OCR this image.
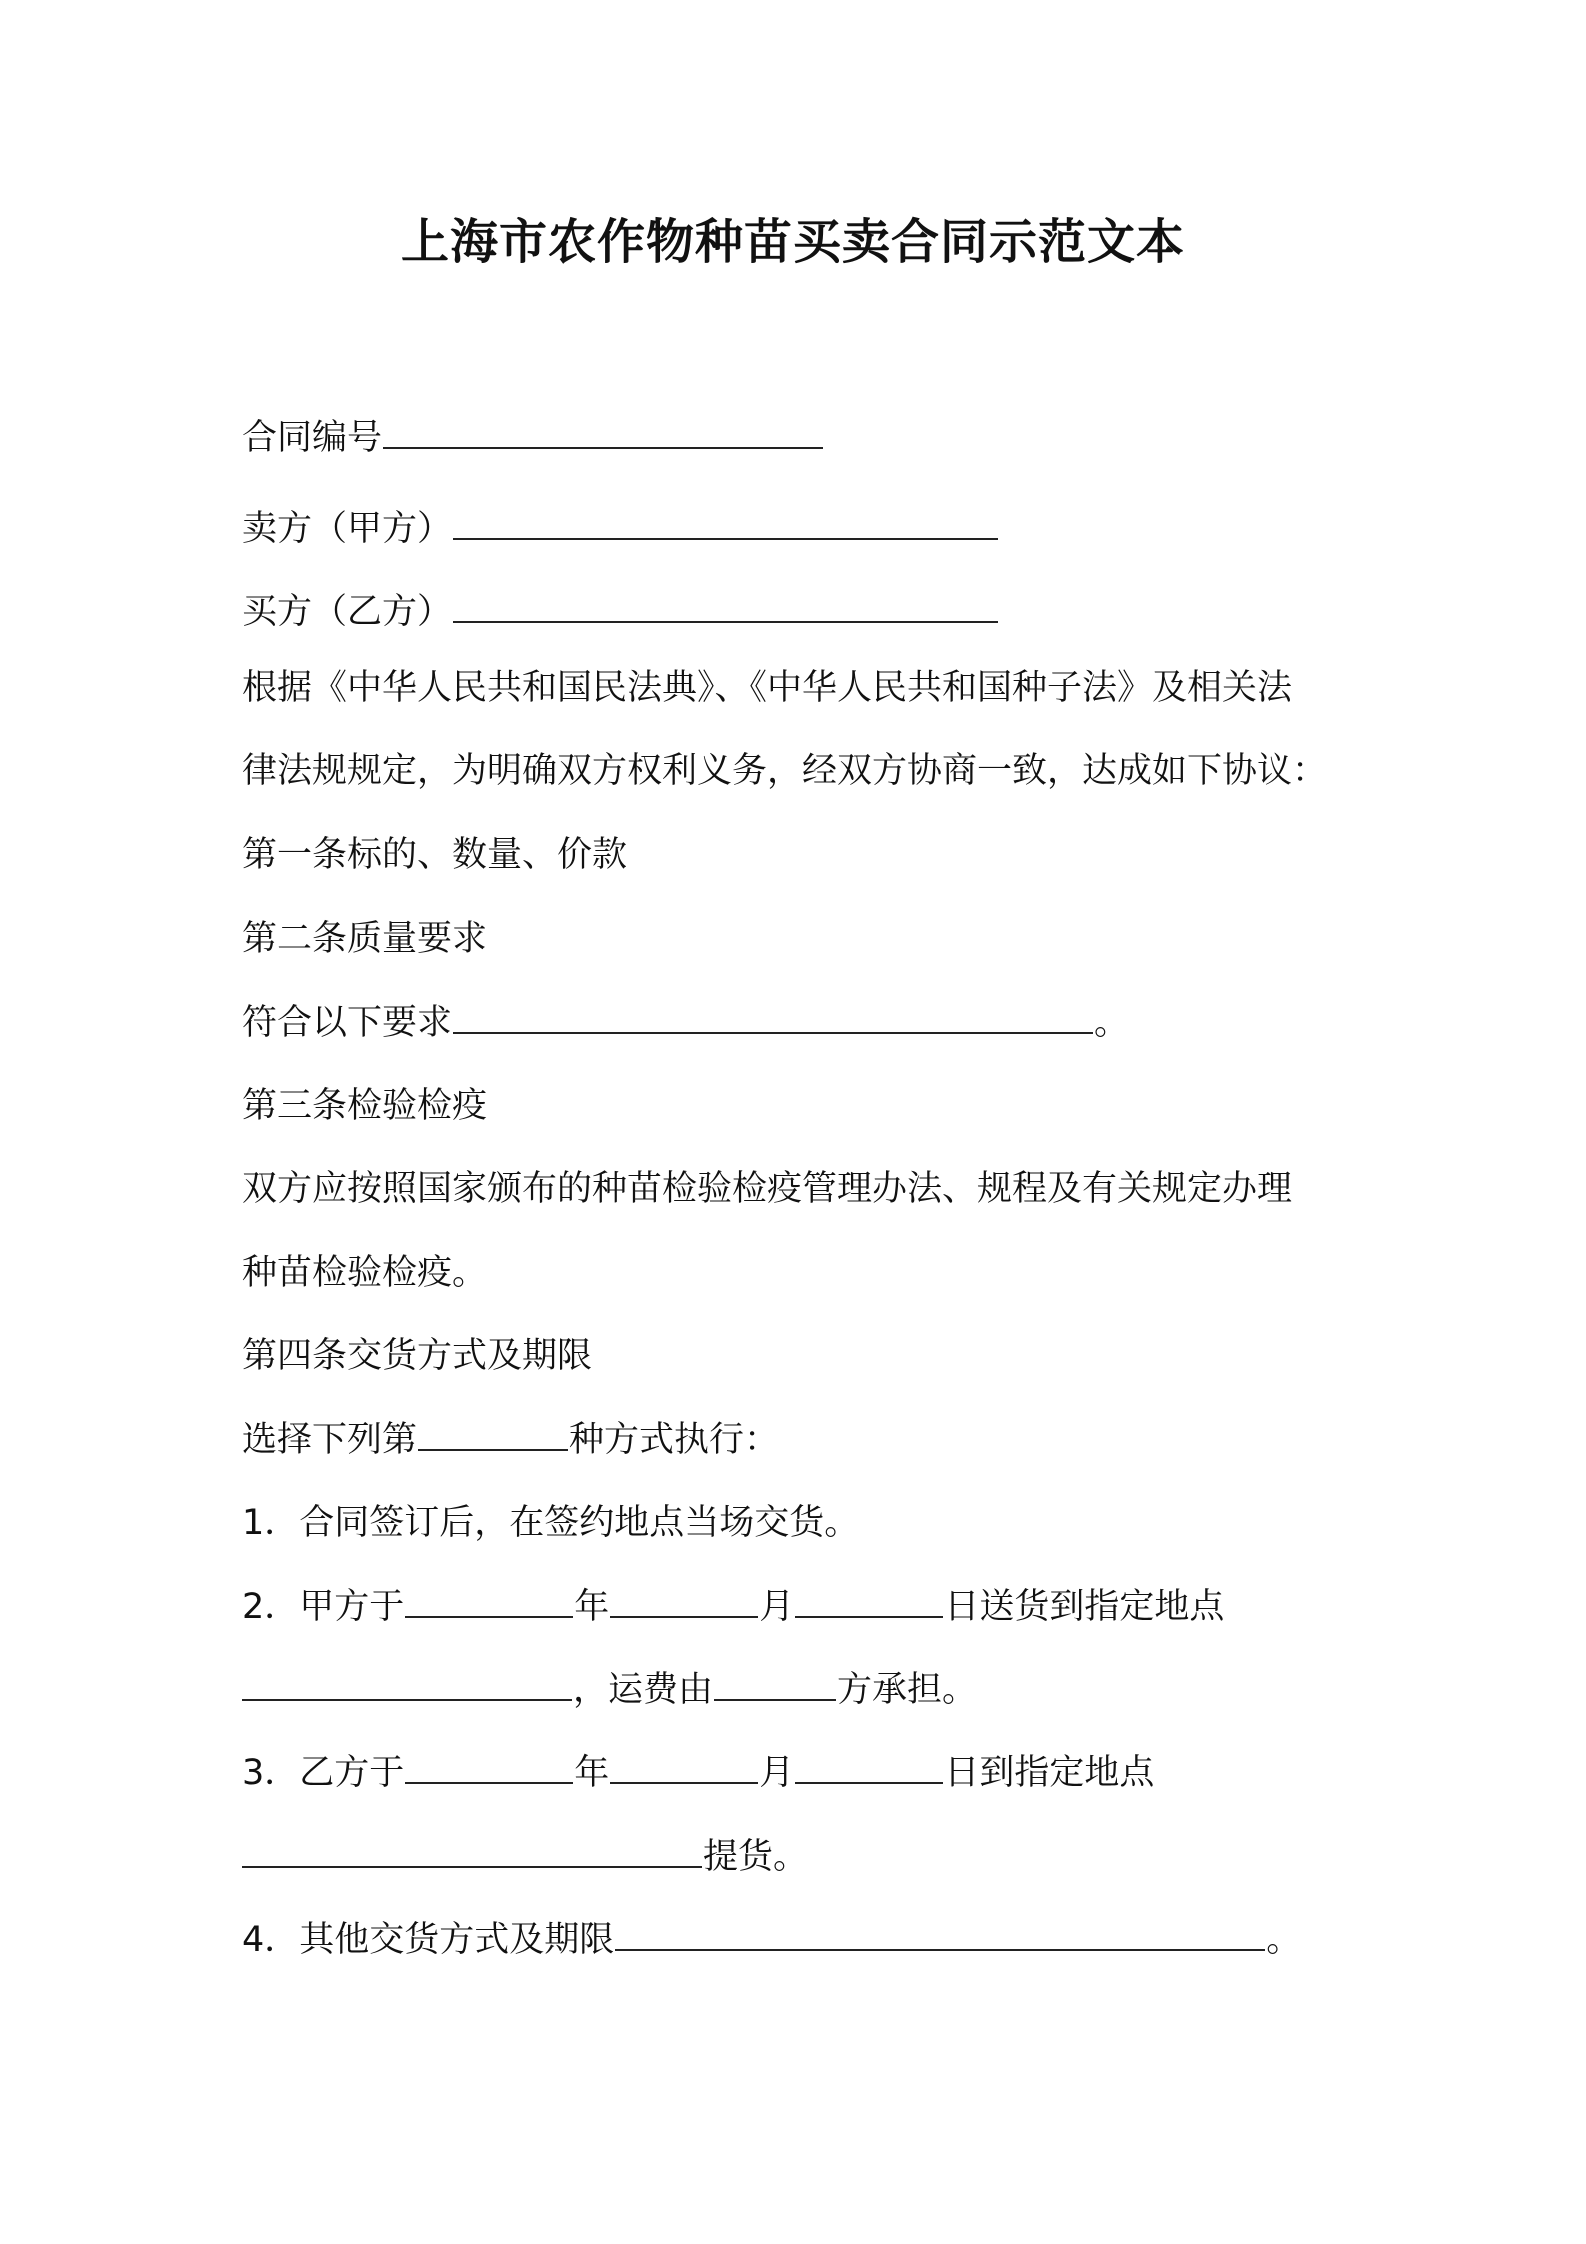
上海市农作物种苗买卖合同示范文本
合同编号
卖方（甲方）
买方（乙方）
根据《中华人民共和国民法典》、《中华人民共和国种子法》及相关法
律法规规定，为明确双方权利义务，经双方协商一致，达成如下协议：
第一条标的、数量、价款
第二条质量要求
符合以下要求	。
第三条检验检疫
双方应按照国家颁布的种苗检验检疫管理办法、规程及有关规定办理
种苗检验检疫。
第四条交货方式及期限
选择下列第	种方式执行：
1．合同签订后，在签约地点当场交货。
2．甲方于	年	月	日送货到指定地点
，运费由	方承担。
3．乙方于	年	月	日到指定地点
提货。
4．其他交货方式及期限	。
